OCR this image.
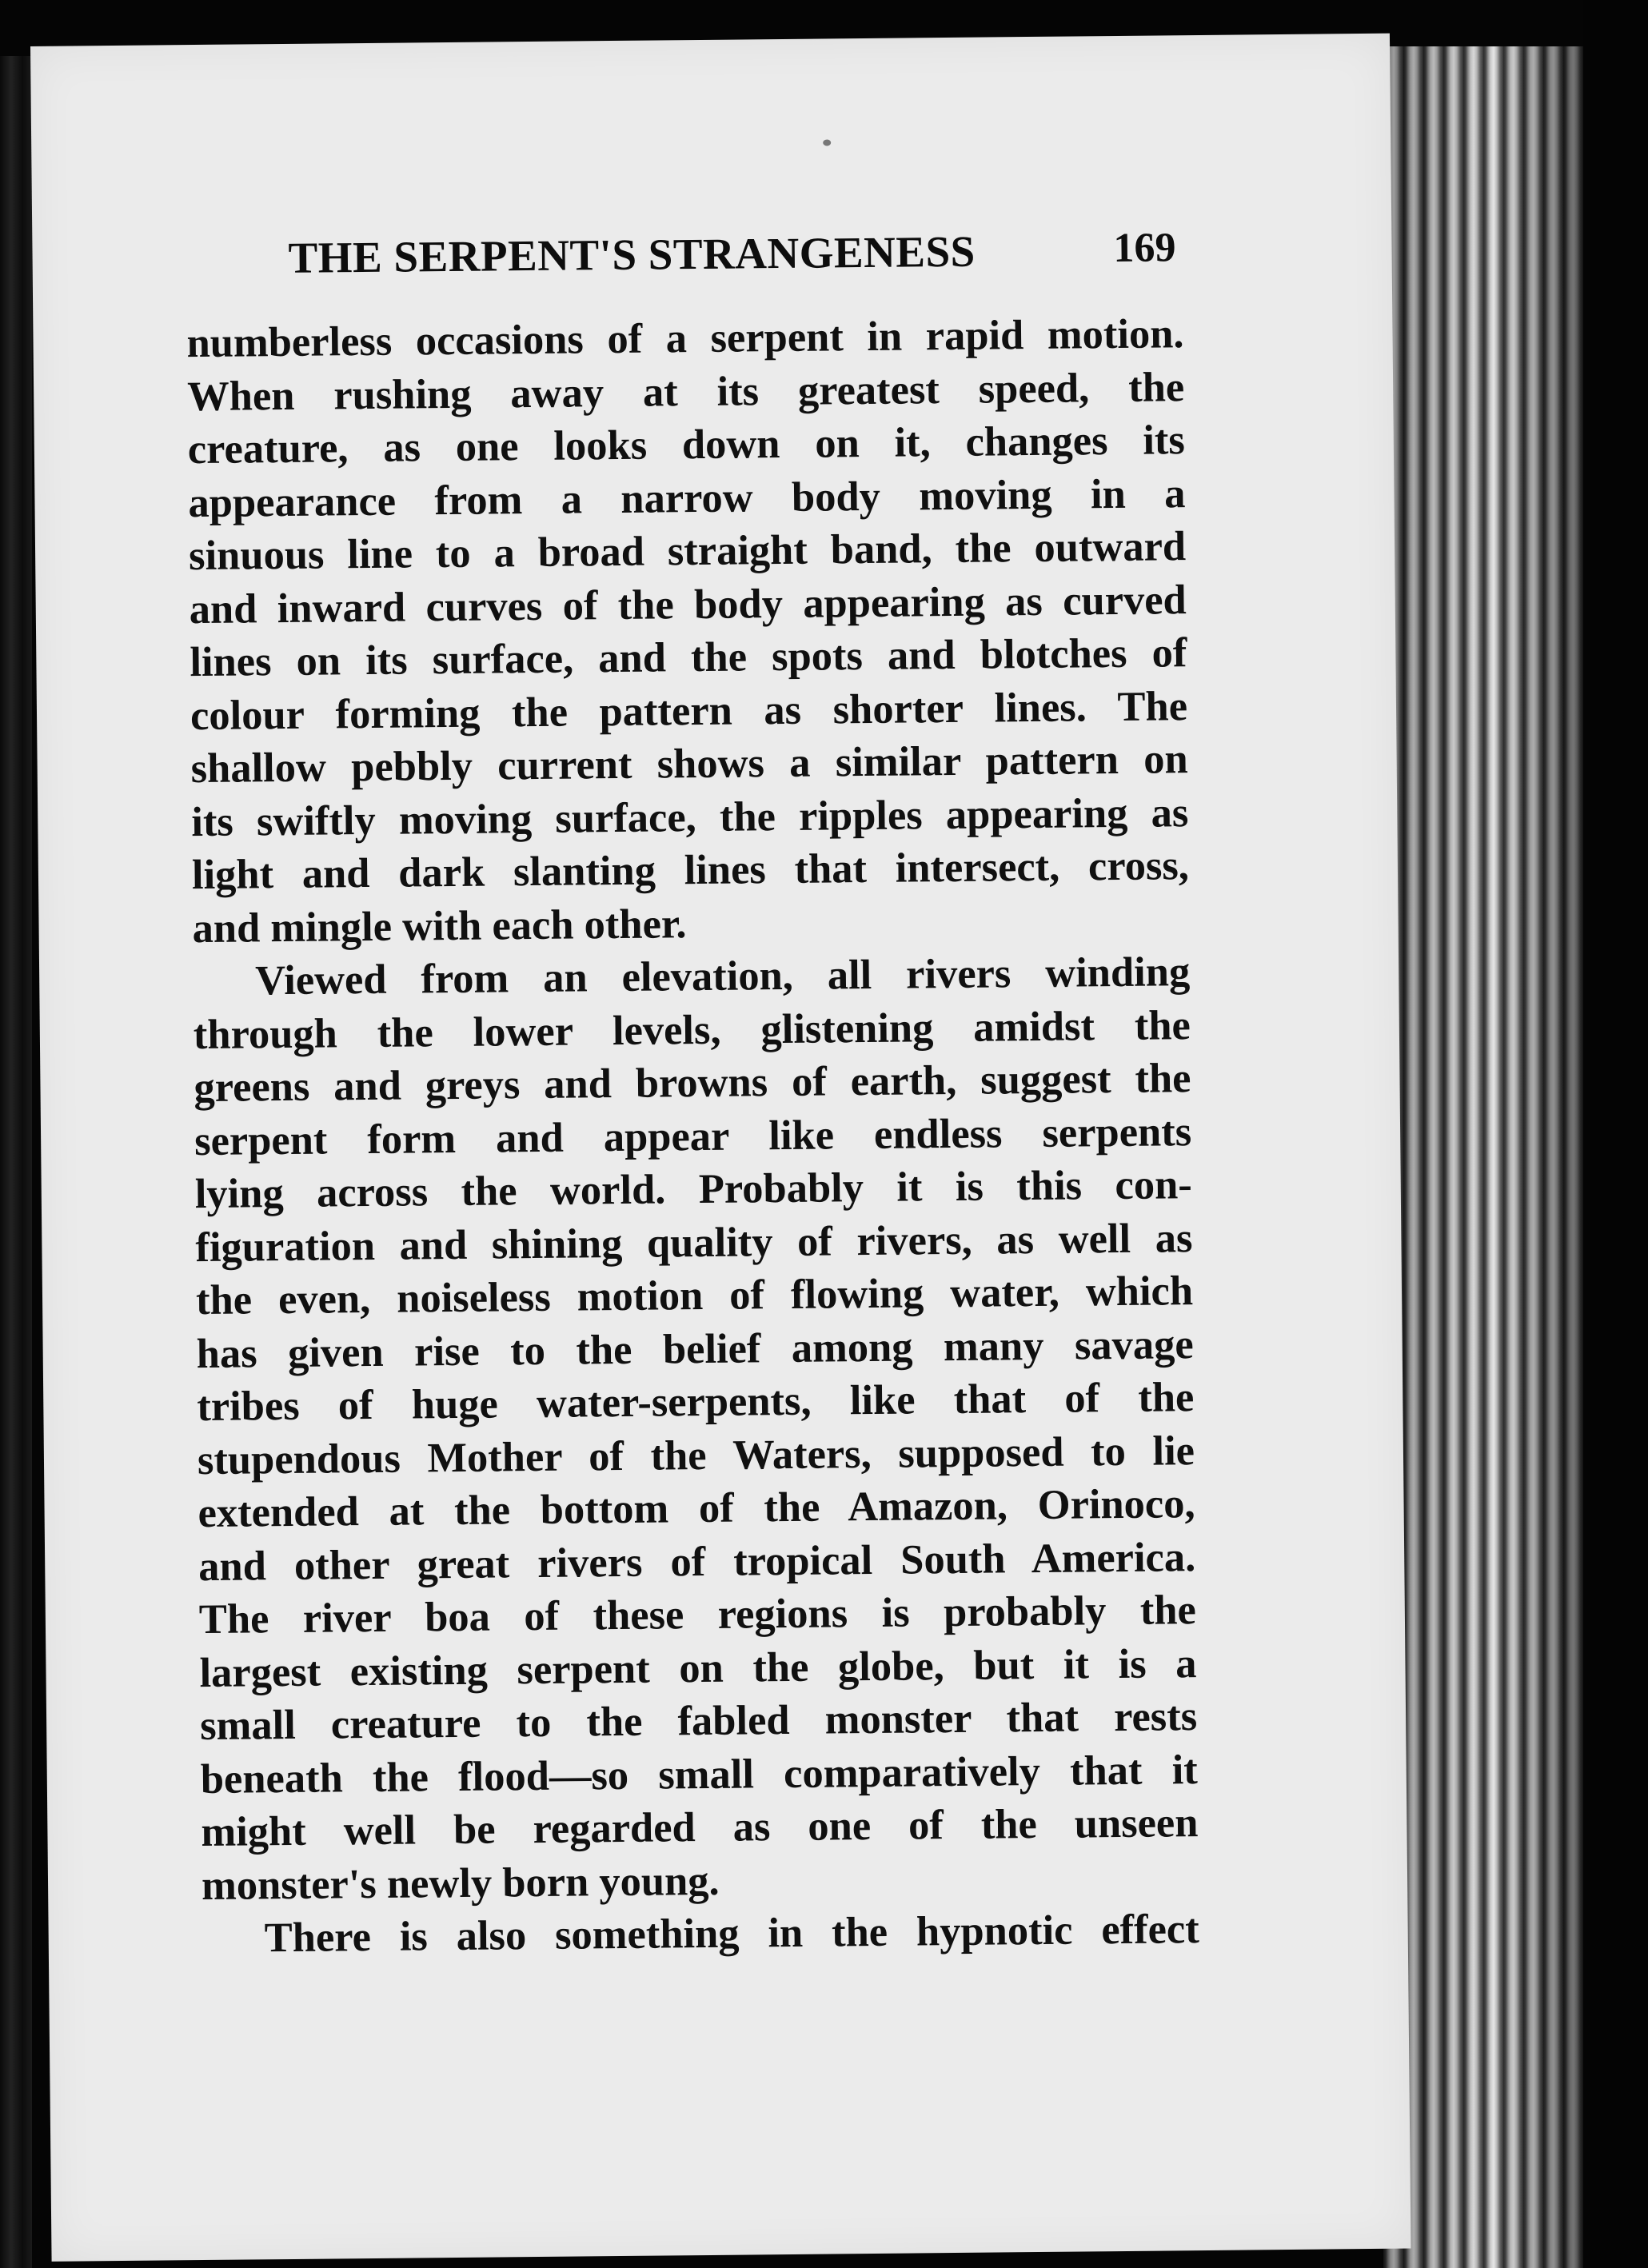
THE SERPENT'S STRANGENESS	169
numberless occasions of a serpent in rapid motion.
When rushing away at its greatest speed, the
creature, as one looks down on it, changes its
appearance from a narrow body moving in a
sinuous line to a broad straight band, the outward
and inward curves of the body appearing as curved
lines on its surface, and the spots and blotches of
colour forming the pattern as shorter lines. The
shallow pebbly current shows a similar pattern on
its swiftly moving surface, the ripples appearing as
light and dark slanting lines that intersect, cross,
and mingle with each other.
Viewed from an elevation, all rivers winding
through the lower levels, glistening amidst the
greens and greys and browns of earth, suggest the
serpent form and appear like endless serpents
lying across the world. Probably it is this con-
figuration and shining quality of rivers, as well as
the even, noiseless motion of flowing water, which
has given rise to the belief among many savage
tribes of huge water-serpents, like that of the
stupendous Mother of the Waters, supposed to lie
extended at the bottom of the Amazon, Orinoco,
and other great rivers of tropical South America.
The river boa of these regions is probably the
largest existing serpent on the globe, but it is a
small creature to the fabled monster that rests
beneath the flood—so small comparatively that it
might well be regarded as one of the unseen
monster's newly born young.
There is also something in the hypnotic effect
